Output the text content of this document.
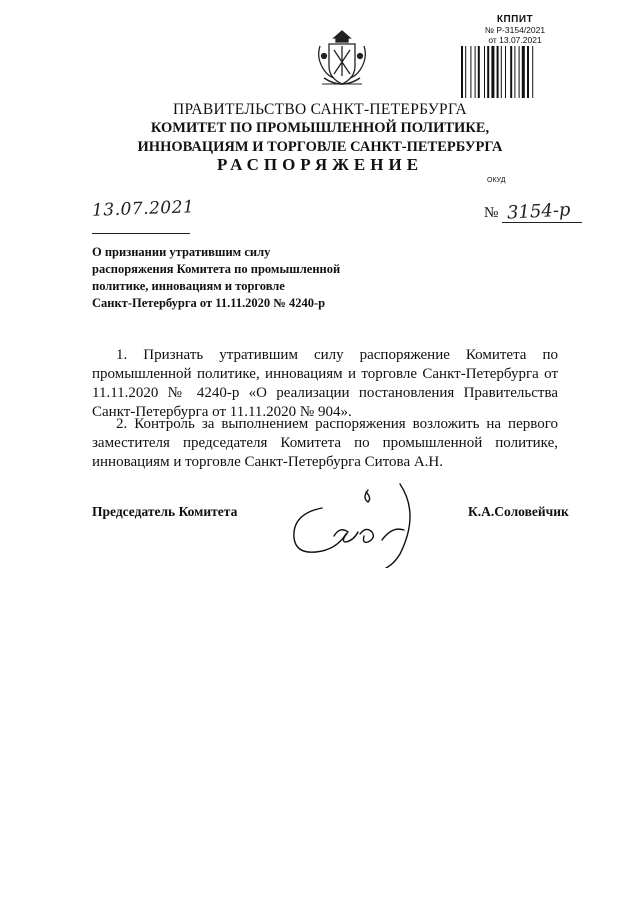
КППИТ
№ Р-3154/2021
от 13.07.2021
ПРАВИТЕЛЬСТВО САНКТ-ПЕТЕРБУРГА
КОМИТЕТ ПО ПРОМЫШЛЕННОЙ ПОЛИТИКЕ,
ИННОВАЦИЯМ И ТОРГОВЛЕ САНКТ-ПЕТЕРБУРГА
РАСПОРЯЖЕНИЕ
ОКУД
13.07.2021	№ 3154-р
О признании утратившим силу
распоряжения Комитета по промышленной
политике, инновациям и торговле
Санкт-Петербурга от 11.11.2020 № 4240-р
1. Признать утратившим силу распоряжение Комитета по промышленной политике, инновациям и торговле Санкт-Петербурга от 11.11.2020 № 4240-р «О реализации постановления Правительства Санкт-Петербурга от 11.11.2020 № 904».
2. Контроль за выполнением распоряжения возложить на первого заместителя председателя Комитета по промышленной политике, инновациям и торговле Санкт-Петербурга Ситова А.Н.
Председатель Комитета	К.А.Соловейчик
